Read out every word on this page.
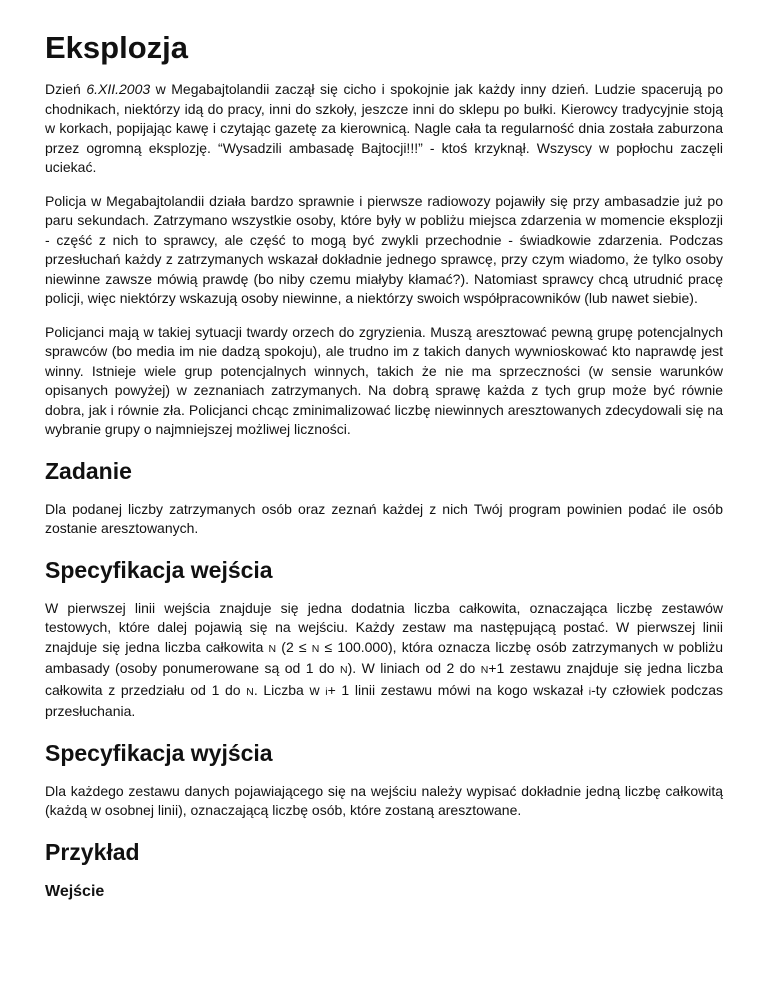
Eksplozja

Dzień 6.XII.2003 w Megabajtolandii zaczął się cicho i spokojnie jak każdy inny dzień. Ludzie spacerują po chodnikach, niektórzy idą do pracy, inni do szkoły, jeszcze inni do sklepu po bułki. Kierowcy tradycyjnie stoją w korkach, popijając kawę i czytając gazetę za kierownicą. Nagle cała ta regularność dnia została zaburzona przez ogromną eksplozję. “Wysadzili ambasadę Bajtocji!!!” - ktoś krzyknął. Wszyscy w popłochu zaczęli uciekać.

Policja w Megabajtolandii działa bardzo sprawnie i pierwsze radiowozy pojawiły się przy ambasadzie już po paru sekundach. Zatrzymano wszystkie osoby, które były w pobliżu miejsca zdarzenia w momencie eksplozji - część z nich to sprawcy, ale część to mogą być zwykli przechodnie - świadkowie zdarzenia. Podczas przesłuchań każdy z zatrzymanych wskazał dokładnie jednego sprawcę, przy czym wiadomo, że tylko osoby niewinne zawsze mówią prawdę (bo niby czemu miałyby kłamać?). Natomiast sprawcy chcą utrudnić pracę policji, więc niektórzy wskazują osoby niewinne, a niektórzy swoich współpracowników (lub nawet siebie).

Policjanci mają w takiej sytuacji twardy orzech do zgryzienia. Muszą aresztować pewną grupę potencjalnych sprawców (bo media im nie dadzą spokoju), ale trudno im z takich danych wywnioskować kto naprawdę jest winny. Istnieje wiele grup potencjalnych winnych, takich że nie ma sprzeczności (w sensie warunków opisanych powyżej) w zeznaniach zatrzymanych. Na dobrą sprawę każda z tych grup może być równie dobra, jak i równie zła. Policjanci chcąc zminimalizować liczbę niewinnych aresztowanych zdecydowali się na wybranie grupy o najmniejszej możliwej liczności.

Zadanie

Dla podanej liczby zatrzymanych osób oraz zeznań każdej z nich Twój program powinien podać ile osób zostanie aresztowanych.

Specyfikacja wejścia

W pierwszej linii wejścia znajduje się jedna dodatnia liczba całkowita, oznaczająca liczbę zestawów testowych, które dalej pojawią się na wejściu. Każdy zestaw ma następującą postać. W pierwszej linii znajduje się jedna liczba całkowita N (2 ≤ N ≤ 100.000), która oznacza liczbę osób zatrzymanych w pobliżu ambasady (osoby ponumerowane są od 1 do N). W liniach od 2 do N+1 zestawu znajduje się jedna liczba całkowita z przedziału od 1 do N. Liczba w i+ 1 linii zestawu mówi na kogo wskazał i-ty człowiek podczas przesłuchania.

Specyfikacja wyjścia

Dla każdego zestawu danych pojawiającego się na wejściu należy wypisać dokładnie jedną liczbę całkowitą (każdą w osobnej linii), oznaczającą liczbę osób, które zostaną aresztowane.

Przykład
Wejście
